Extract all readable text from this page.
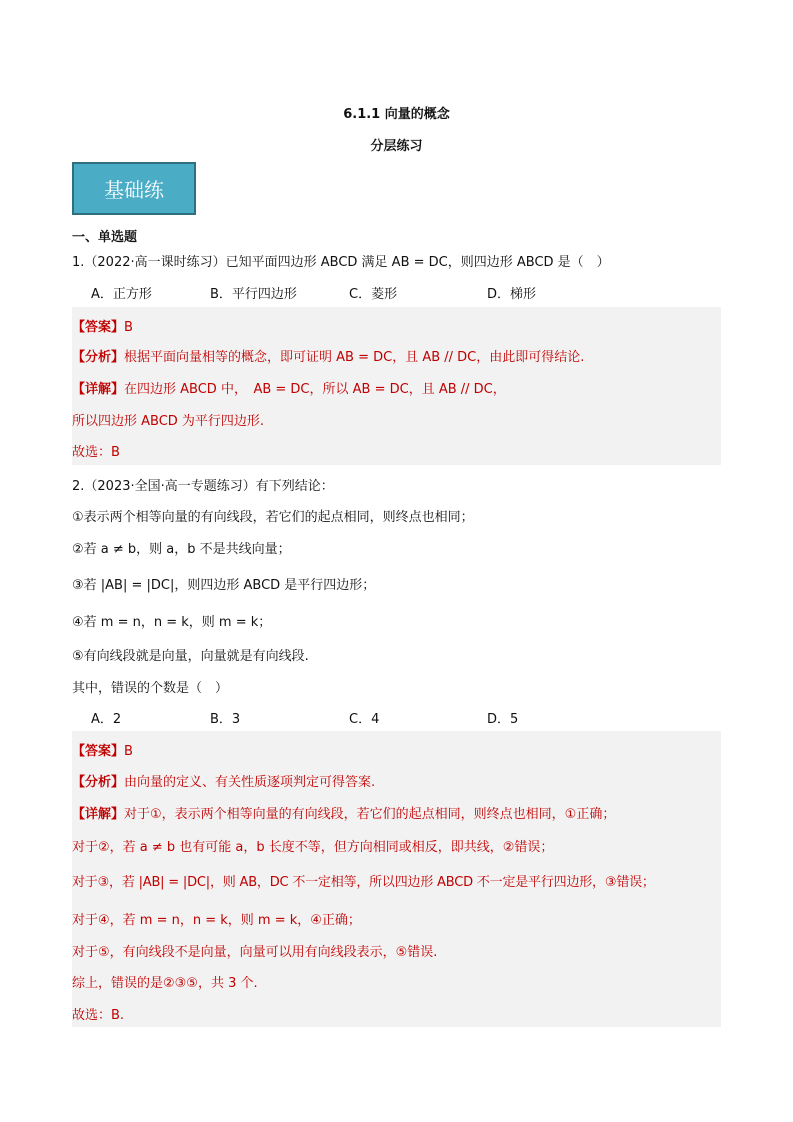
6.1.1 向量的概念
分层练习
基础练
一、单选题
1.（2022·高一课时练习）已知平面四边形 ABCD 满足 AB = DC，则四边形 ABCD 是（　）
A．正方形	B．平行四边形	C．菱形	D．梯形
【答案】B
【分析】根据平面向量相等的概念，即可证明 AB = DC，且 AB // DC，由此即可得结论.
【详解】在四边形 ABCD 中，　AB = DC，所以 AB = DC，且 AB // DC，
所以四边形 ABCD 为平行四边形.
故选：B
2.（2023·全国·高一专题练习）有下列结论：
①表示两个相等向量的有向线段，若它们的起点相同，则终点也相同；
②若 a ≠ b，则 a，b 不是共线向量；
③若 |AB| = |DC|，则四边形 ABCD 是平行四边形；
④若 m = n，n = k，则 m = k；
⑤有向线段就是向量，向量就是有向线段.
其中，错误的个数是（　）
A．2	B．3	C．4	D．5
【答案】B
【分析】由向量的定义、有关性质逐项判定可得答案.
【详解】对于①，表示两个相等向量的有向线段，若它们的起点相同，则终点也相同，①正确；
对于②，若 a ≠ b 也有可能 a，b 长度不等，但方向相同或相反，即共线，②错误；
对于③，若 |AB| = |DC|，则 AB，DC 不一定相等，所以四边形 ABCD 不一定是平行四边形，③错误；
对于④，若 m = n，n = k，则 m = k，④正确；
对于⑤，有向线段不是向量，向量可以用有向线段表示，⑤错误.
综上，错误的是②③⑤，共 3 个.
故选：B.
